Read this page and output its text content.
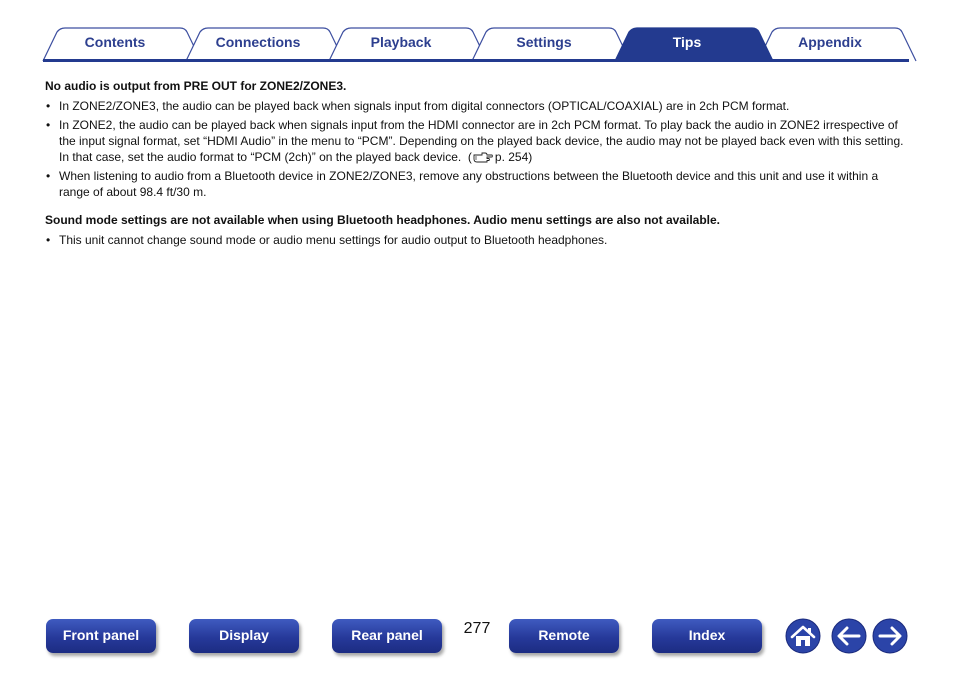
Contents	Connections	Playback	Settings	Tips	Appendix

No audio is output from PRE OUT for ZONE2/ZONE3.

• In ZONE2/ZONE3, the audio can be played back when signals input from digital connectors (OPTICAL/COAXIAL) are in 2ch PCM format.
• In ZONE2, the audio can be played back when signals input from the HDMI connector are in 2ch PCM format. To play back the audio in ZONE2 irrespective of the input signal format, set “HDMI Audio” in the menu to “PCM”. Depending on the played back device, the audio may not be played back even with this setting. In that case, set the audio format to “PCM (2ch)” on the played back device. ( p. 254)
• When listening to audio from a Bluetooth device in ZONE2/ZONE3, remove any obstructions between the Bluetooth device and this unit and use it within a range of about 98.4 ft/30 m.

Sound mode settings are not available when using Bluetooth headphones. Audio menu settings are also not available.

• This unit cannot change sound mode or audio menu settings for audio output to Bluetooth headphones.
Front panel	Display	Rear panel	277	Remote	Index
